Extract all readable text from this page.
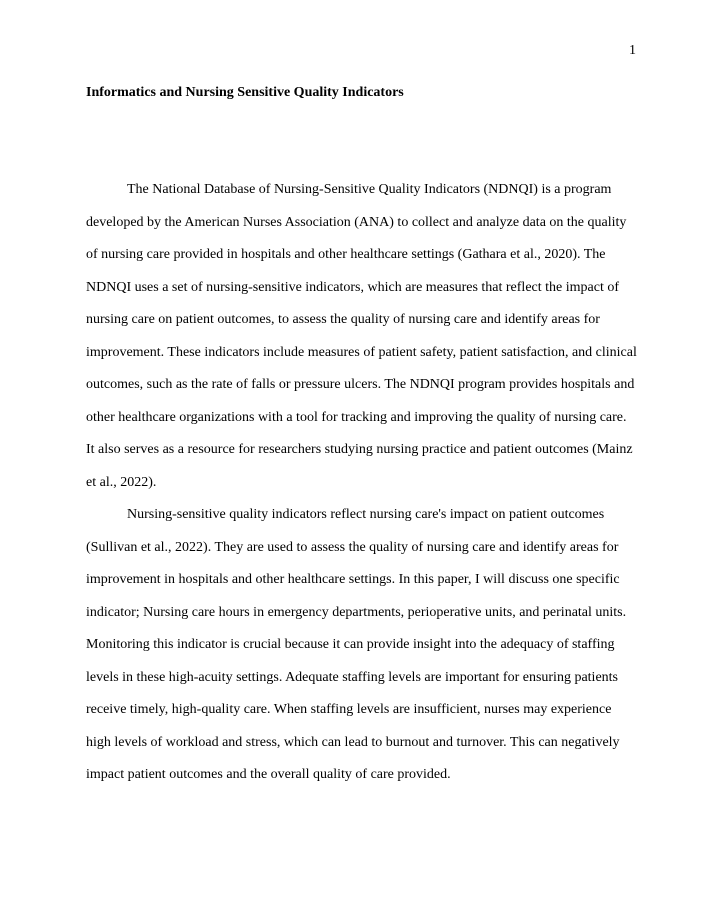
1
Informatics and Nursing Sensitive Quality Indicators

The National Database of Nursing-Sensitive Quality Indicators (NDNQI) is a program developed by the American Nurses Association (ANA) to collect and analyze data on the quality of nursing care provided in hospitals and other healthcare settings (Gathara et al., 2020). The NDNQI uses a set of nursing-sensitive indicators, which are measures that reflect the impact of nursing care on patient outcomes, to assess the quality of nursing care and identify areas for improvement. These indicators include measures of patient safety, patient satisfaction, and clinical outcomes, such as the rate of falls or pressure ulcers. The NDNQI program provides hospitals and other healthcare organizations with a tool for tracking and improving the quality of nursing care. It also serves as a resource for researchers studying nursing practice and patient outcomes (Mainz et al., 2022).

Nursing-sensitive quality indicators reflect nursing care's impact on patient outcomes (Sullivan et al., 2022). They are used to assess the quality of nursing care and identify areas for improvement in hospitals and other healthcare settings. In this paper, I will discuss one specific indicator; Nursing care hours in emergency departments, perioperative units, and perinatal units. Monitoring this indicator is crucial because it can provide insight into the adequacy of staffing levels in these high-acuity settings. Adequate staffing levels are important for ensuring patients receive timely, high-quality care. When staffing levels are insufficient, nurses may experience high levels of workload and stress, which can lead to burnout and turnover. This can negatively impact patient outcomes and the overall quality of care provided.
